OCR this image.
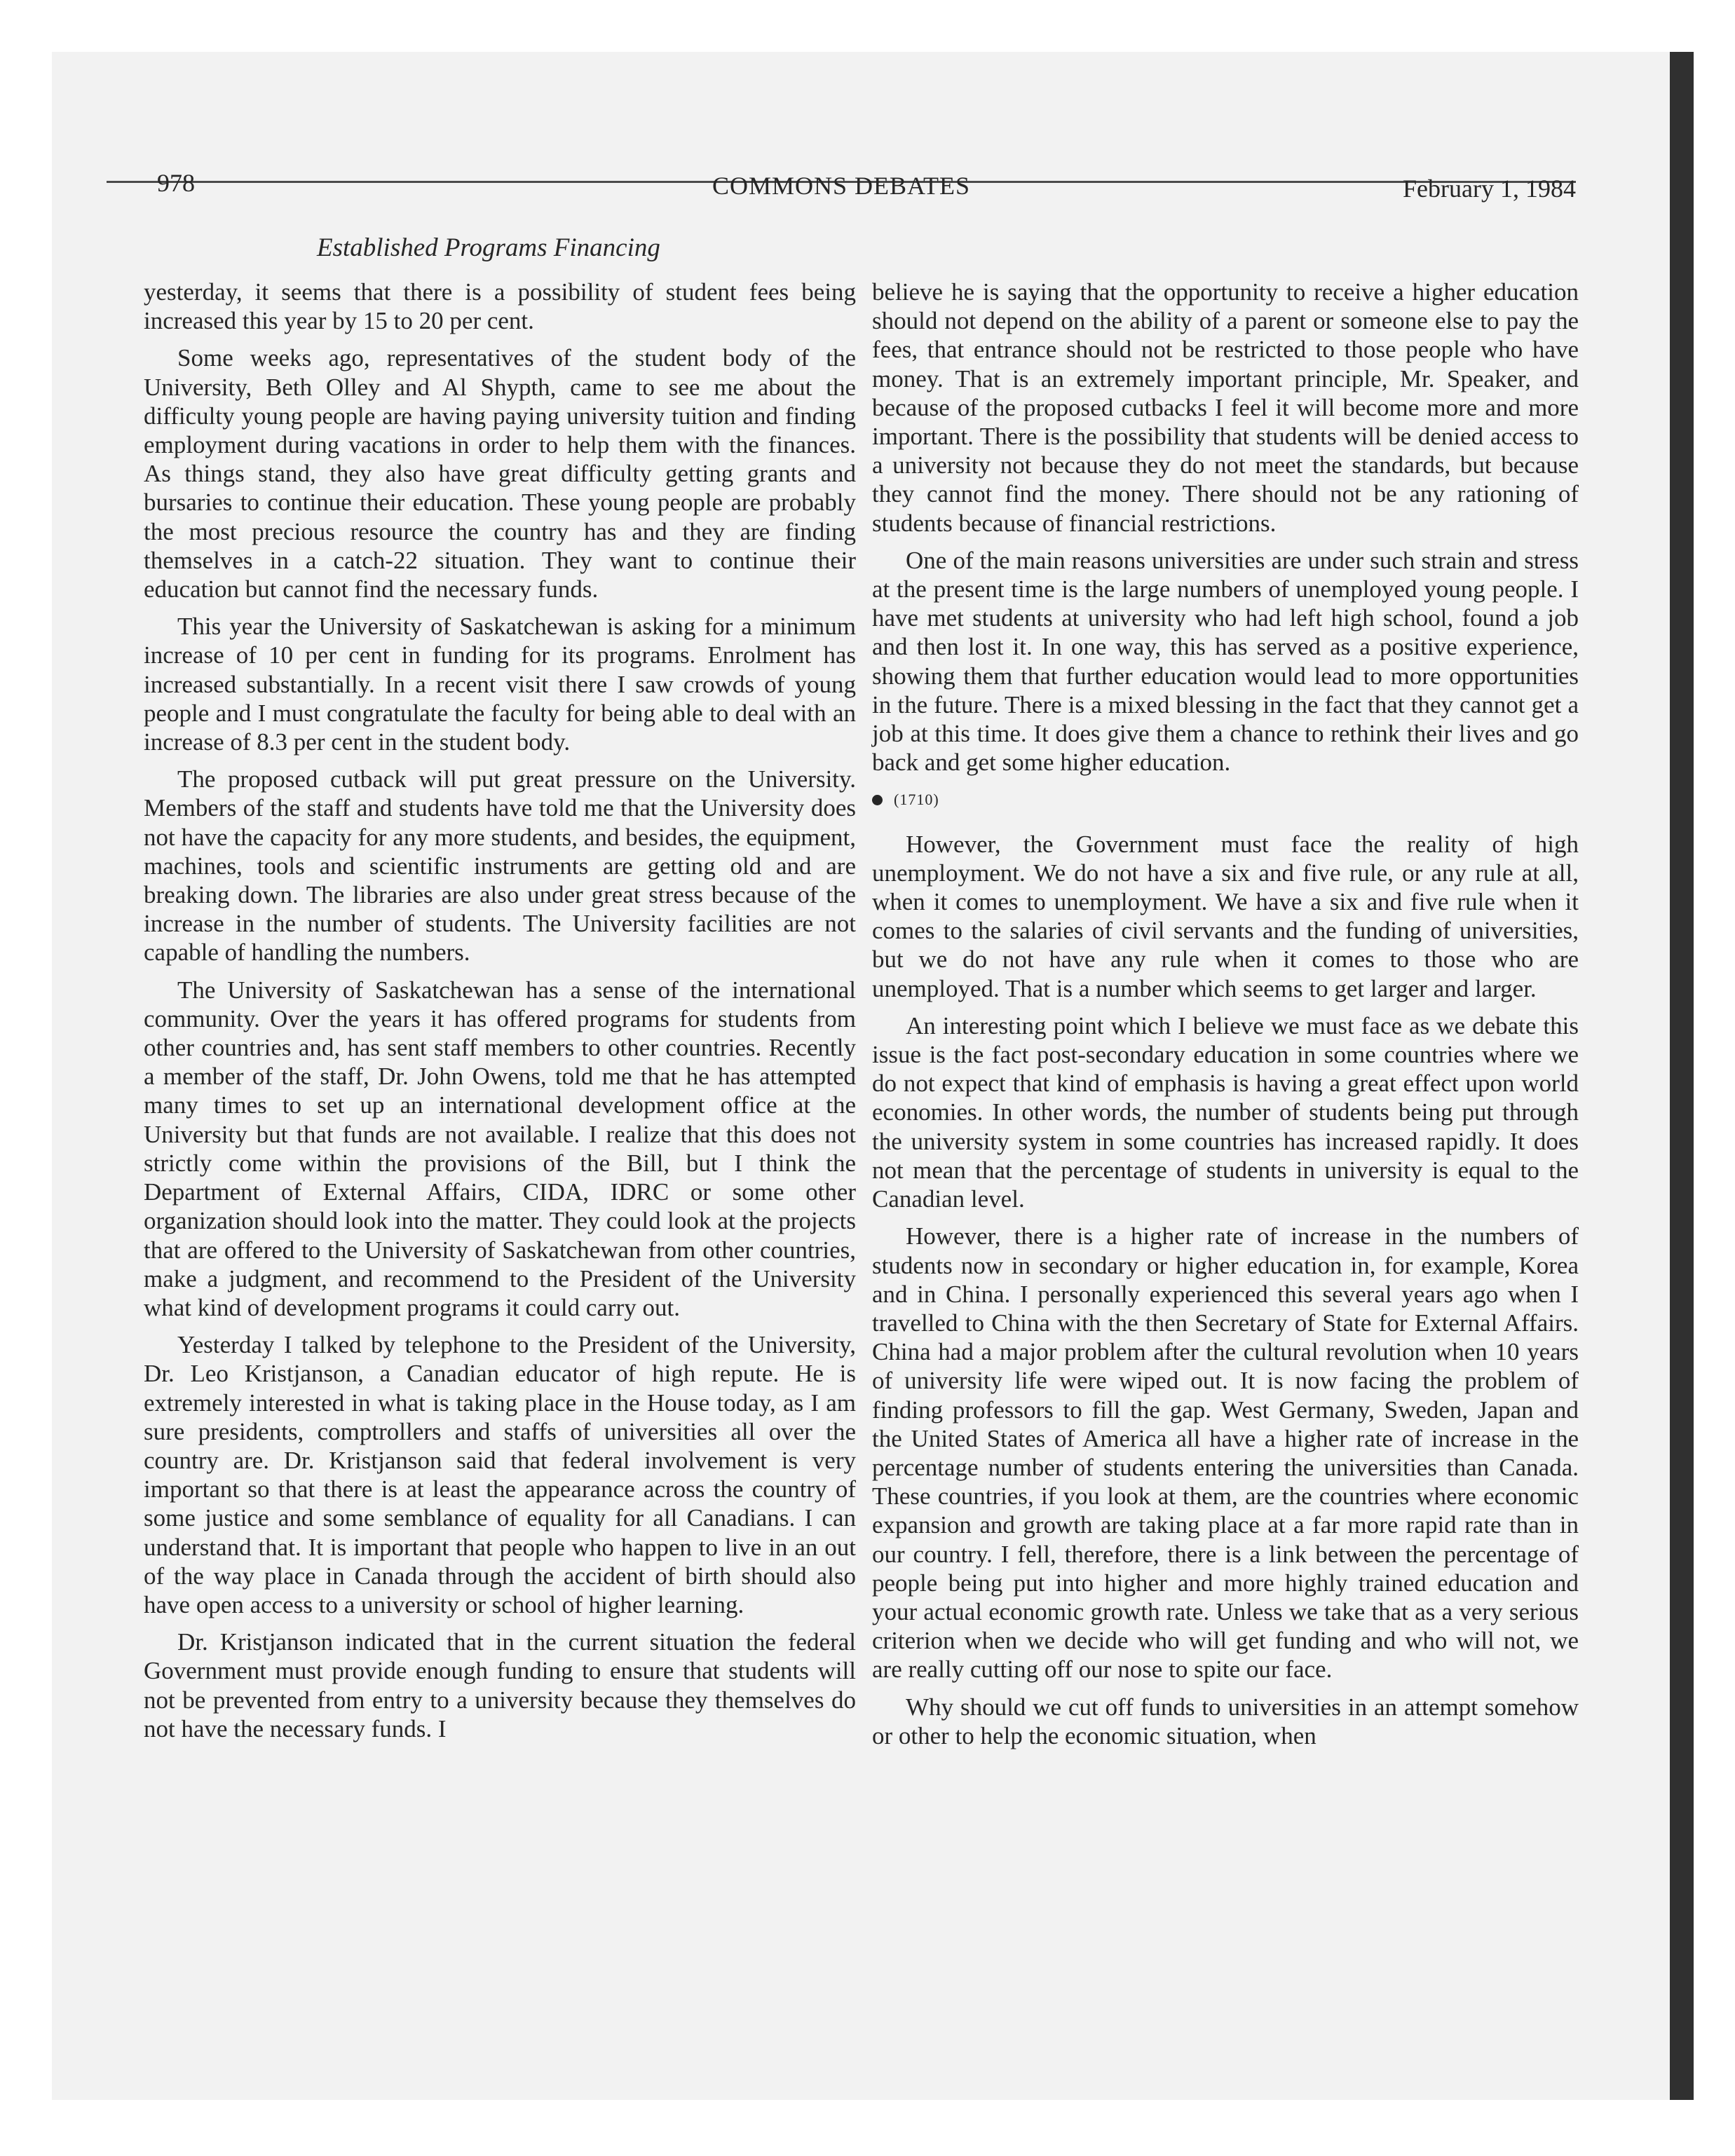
978	COMMONS DEBATES	February 1, 1984
Established Programs Financing

yesterday, it seems that there is a possibility of student fees being increased this year by 15 to 20 per cent.

Some weeks ago, representatives of the student body of the University, Beth Olley and Al Shypth, came to see me about the difficulty young people are having paying university tuition and finding employment during vacations in order to help them with the finances. As things stand, they also have great difficulty getting grants and bursaries to continue their education. These young people are probably the most precious resource the country has and they are finding themselves in a catch-22 situation. They want to continue their education but cannot find the necessary funds.

This year the University of Saskatchewan is asking for a minimum increase of 10 per cent in funding for its programs. Enrolment has increased substantially. In a recent visit there I saw crowds of young people and I must congratulate the faculty for being able to deal with an increase of 8.3 per cent in the student body.

The proposed cutback will put great pressure on the University. Members of the staff and students have told me that the University does not have the capacity for any more students, and besides, the equipment, machines, tools and scientific instruments are getting old and are breaking down. The libraries are also under great stress because of the increase in the number of students. The University facilities are not capable of handling the numbers.

The University of Saskatchewan has a sense of the international community. Over the years it has offered programs for students from other countries and, has sent staff members to other countries. Recently a member of the staff, Dr. John Owens, told me that he has attempted many times to set up an international development office at the University but that funds are not available. I realize that this does not strictly come within the provisions of the Bill, but I think the Department of External Affairs, CIDA, IDRC or some other organization should look into the matter. They could look at the projects that are offered to the University of Saskatchewan from other countries, make a judgment, and recommend to the President of the University what kind of development programs it could carry out.

Yesterday I talked by telephone to the President of the University, Dr. Leo Kristjanson, a Canadian educator of high repute. He is extremely interested in what is taking place in the House today, as I am sure presidents, comptrollers and staffs of universities all over the country are. Dr. Kristjanson said that federal involvement is very important so that there is at least the appearance across the country of some justice and some semblance of equality for all Canadians. I can understand that. It is important that people who happen to live in an out of the way place in Canada through the accident of birth should also have open access to a university or school of higher learning.

Dr. Kristjanson indicated that in the current situation the federal Government must provide enough funding to ensure that students will not be prevented from entry to a university because they themselves do not have the necessary funds. I

believe he is saying that the opportunity to receive a higher education should not depend on the ability of a parent or someone else to pay the fees, that entrance should not be restricted to those people who have money. That is an extremely important principle, Mr. Speaker, and because of the proposed cutbacks I feel it will become more and more important. There is the possibility that students will be denied access to a university not because they do not meet the standards, but because they cannot find the money. There should not be any rationing of students because of financial restrictions.

One of the main reasons universities are under such strain and stress at the present time is the large numbers of unemployed young people. I have met students at university who had left high school, found a job and then lost it. In one way, this has served as a positive experience, showing them that further education would lead to more opportunities in the future. There is a mixed blessing in the fact that they cannot get a job at this time. It does give them a chance to rethink their lives and go back and get some higher education.

(1710)

However, the Government must face the reality of high unemployment. We do not have a six and five rule, or any rule at all, when it comes to unemployment. We have a six and five rule when it comes to the salaries of civil servants and the funding of universities, but we do not have any rule when it comes to those who are unemployed. That is a number which seems to get larger and larger.

An interesting point which I believe we must face as we debate this issue is the fact post-secondary education in some countries where we do not expect that kind of emphasis is having a great effect upon world economies. In other words, the number of students being put through the university system in some countries has increased rapidly. It does not mean that the percentage of students in university is equal to the Canadian level.

However, there is a higher rate of increase in the numbers of students now in secondary or higher education in, for example, Korea and in China. I personally experienced this several years ago when I travelled to China with the then Secretary of State for External Affairs. China had a major problem after the cultural revolution when 10 years of university life were wiped out. It is now facing the problem of finding professors to fill the gap. West Germany, Sweden, Japan and the United States of America all have a higher rate of increase in the percentage number of students entering the universities than Canada. These countries, if you look at them, are the countries where economic expansion and growth are taking place at a far more rapid rate than in our country. I fell, therefore, there is a link between the percentage of people being put into higher and more highly trained education and your actual economic growth rate. Unless we take that as a very serious criterion when we decide who will get funding and who will not, we are really cutting off our nose to spite our face.

Why should we cut off funds to universities in an attempt somehow or other to help the economic situation, when
